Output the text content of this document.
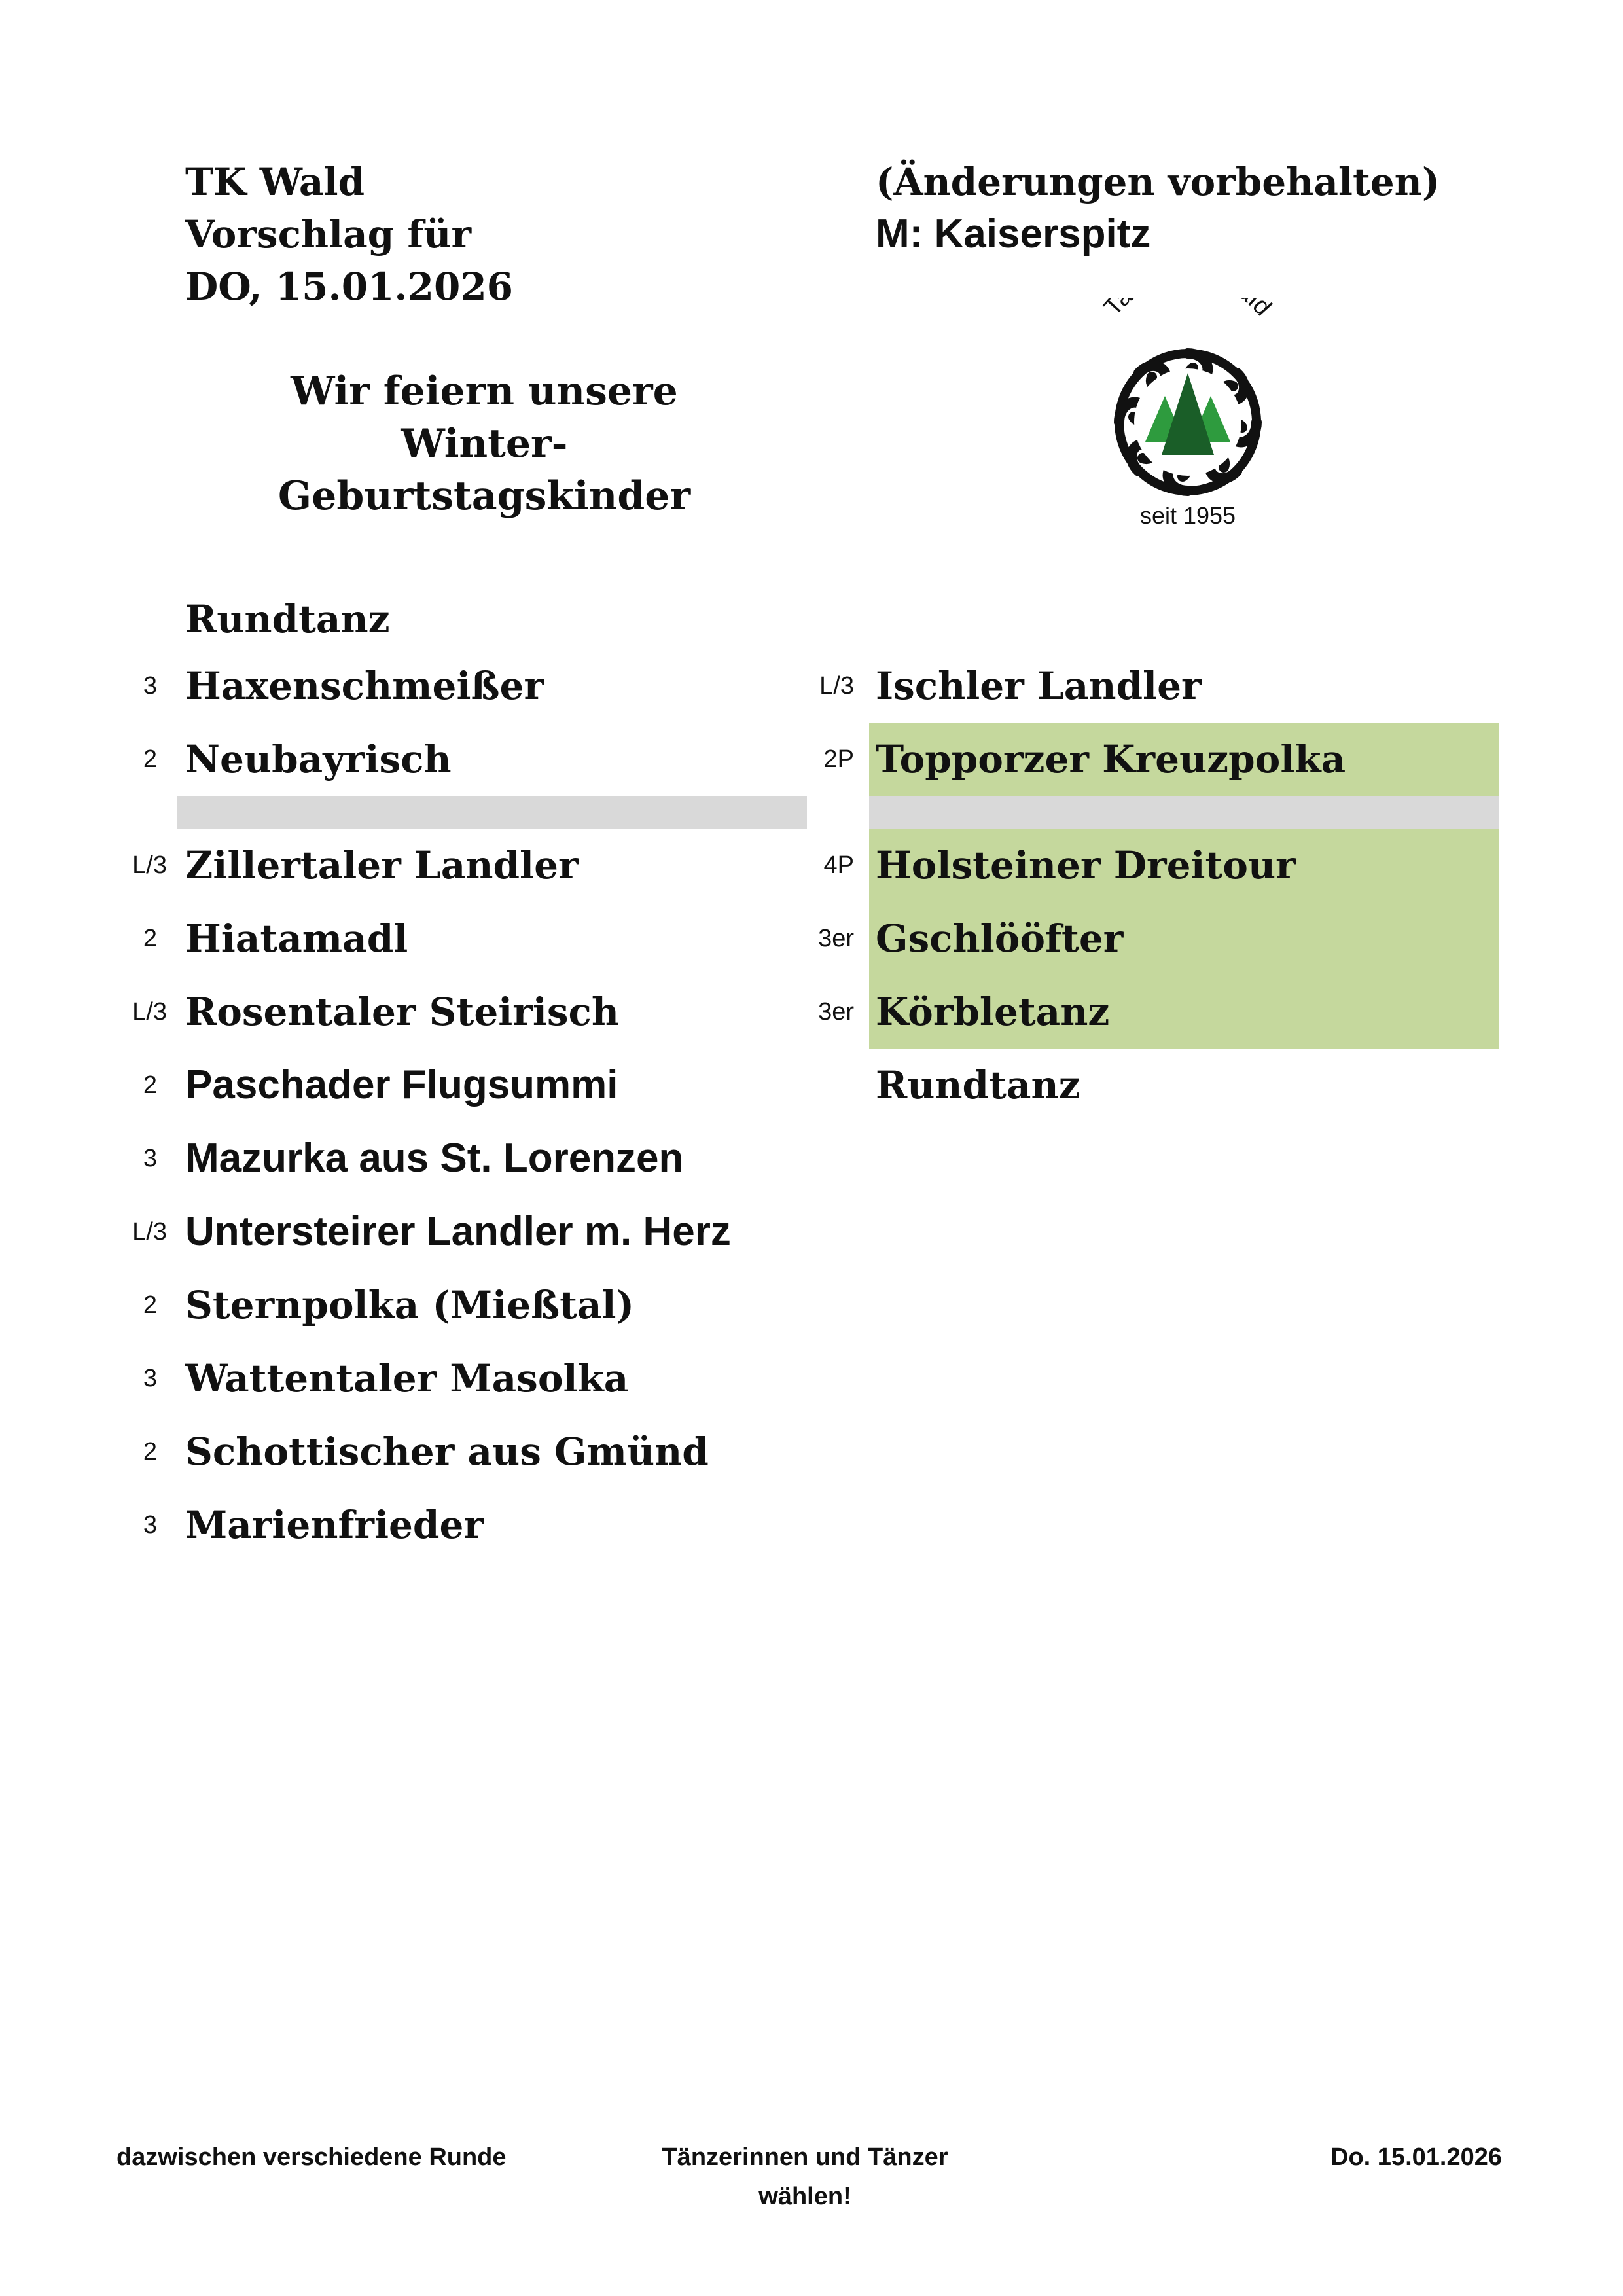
TK Wald
Vorschlag für
DO, 15.01.2026
(Änderungen vorbehalten)
M: Kaiserspitz
Wir feiern unsere
Winter-
Geburtstagskinder
T ld
seit 1955
Rundtanz
3 Haxenschmeißer
2 Neubayrisch
L/3 Zillertaler Landler
2 Hiatamadl
L/3 Rosentaler Steirisch
2 Paschader Flugsummi
3 Mazurka aus St. Lorenzen
L/3 Untersteirer Landler m. Herz
2 Sternpolka (Mießtal)
3 Wattentaler Masolka
2 Schottischer aus Gmünd
3 Marienfrieder
L/3 Ischler Landler
2P Topporzer Kreuzpolka
4P Holsteiner Dreitour
3er Gschlööfter
3er Körbletanz
Rundtanz
dazwischen verschiedene Runde	Tänzerinnen und Tänzer
wählen!
Do. 15.01.2026
